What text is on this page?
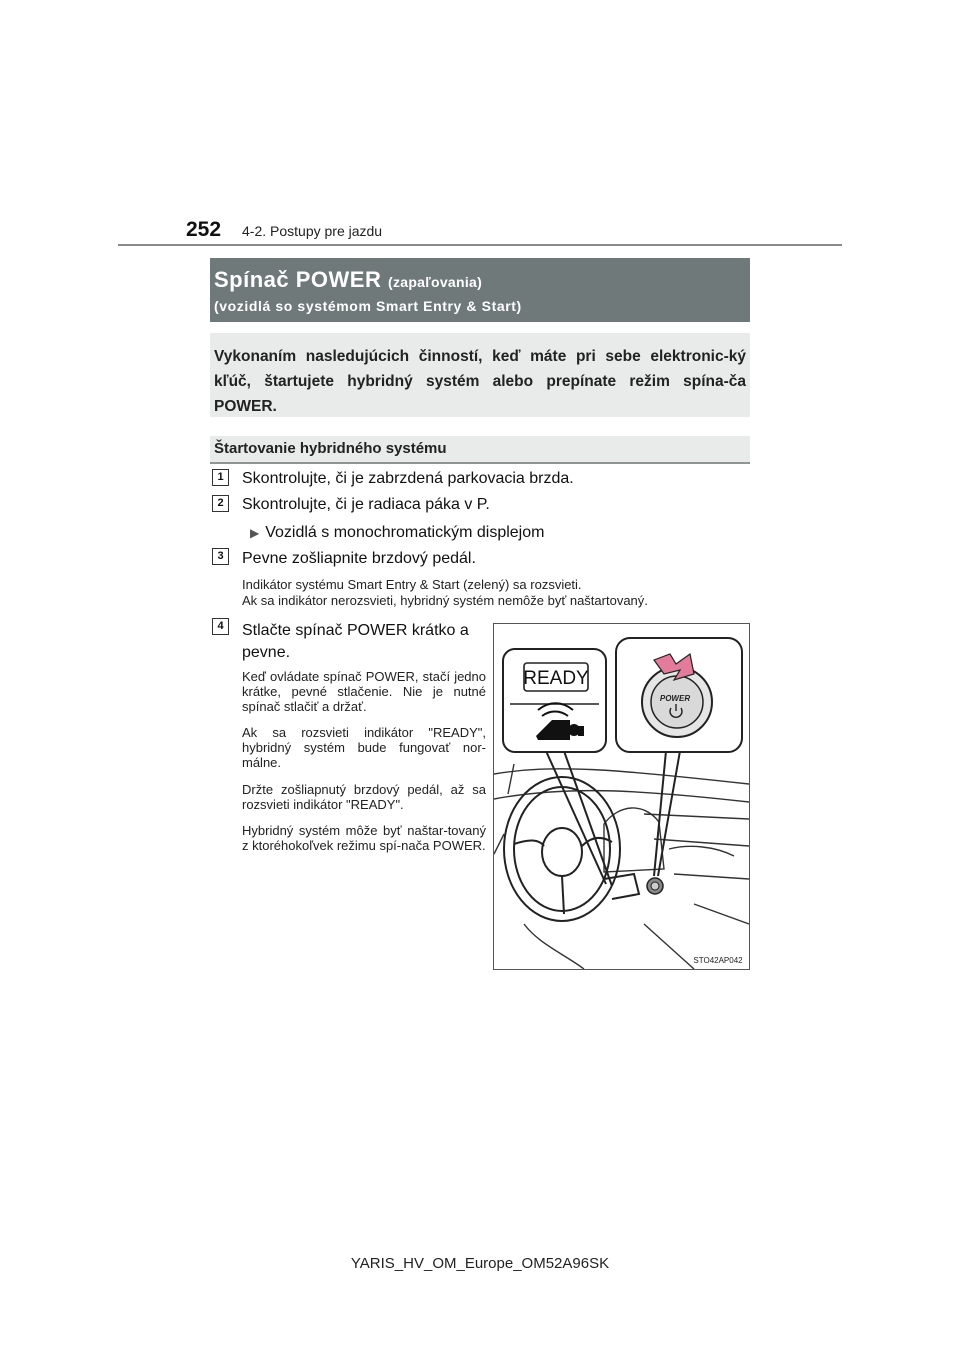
252 4-2. Postupy pre jazdu
Spínač POWER (zapaľovania)
(vozidlá so systémom Smart Entry & Start)
Vykonaním nasledujúcich činností, keď máte pri sebe elektronic-ký kľúč, štartujete hybridný systém alebo prepínate režim spína-ča POWER.
Štartovanie hybridného systému
1	Skontrolujte, či je zabrzdená parkovacia brzda.
2	Skontrolujte, či je radiaca páka v P.
▶ Vozidlá s monochromatickým displejom
3	Pevne zošliapnite brzdový pedál.
Indikátor systému Smart Entry & Start (zelený) sa rozsvieti.
Ak sa indikátor nerozsvieti, hybridný systém nemôže byť naštartovaný.
4	Stlačte spínač POWER krátko a pevne.
Keď ovládate spínač POWER, stačí jedno krátke, pevné stlačenie. Nie je nutné spínač stlačiť a držať.
Ak sa rozsvieti indikátor "READY", hybridný systém bude fungovať nor-málne.
Držte zošliapnutý brzdový pedál, až sa rozsvieti indikátor "READY".
Hybridný systém môže byť naštar-tovaný z ktoréhokoľvek režimu spí-nača POWER.
READY
POWER
STO42AP042
YARIS_HV_OM_Europe_OM52A96SK
